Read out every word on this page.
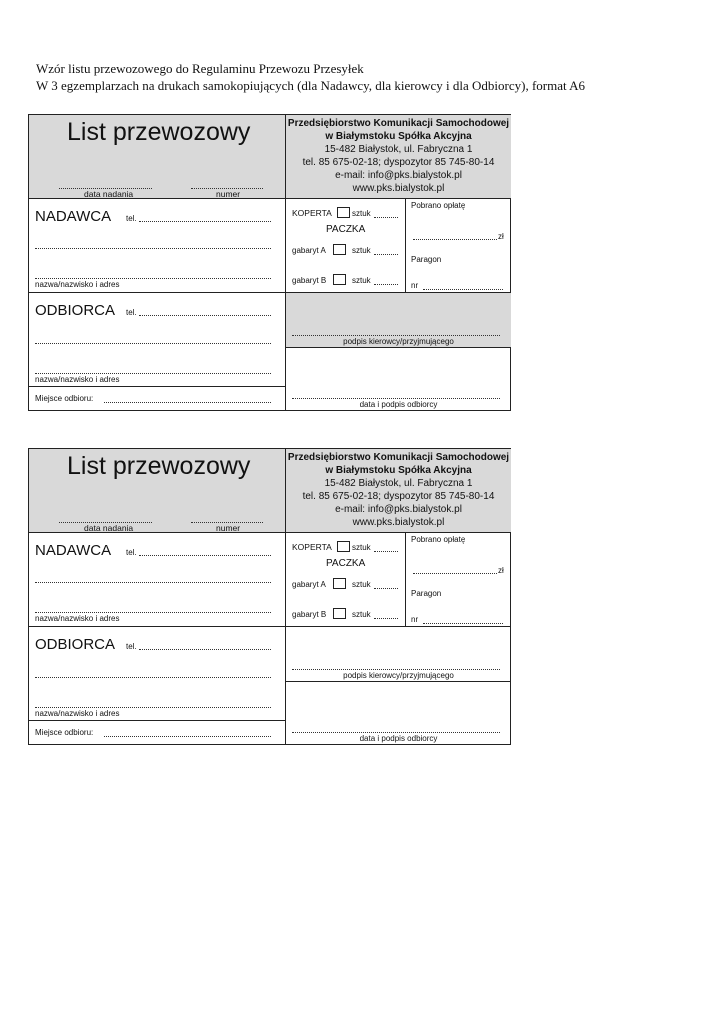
Wzór listu przewozowego do Regulaminu Przewozu Przesyłek
W 3 egzemplarzach na drukach samokopiujących (dla Nadawcy, dla kierowcy i dla Odbiorcy), format A6
List przewozowy
data nadania	numer
Przedsiębiorstwo Komunikacji Samochodowej
w Białymstoku Spółka Akcyjna
15-482 Białystok, ul. Fabryczna 1
tel. 85 675-02-18; dyspozytor 85 745-80-14
e-mail: info@pks.bialystok.pl
www.pks.bialystok.pl
NADAWCA tel.
nazwa/nazwisko i adres
KOPERTA	sztuk
PACZKA
gabaryt A	sztuk
gabaryt B	sztuk
Pobrano opłatę
zł
Paragon
nr
ODBIORCA tel.
nazwa/nazwisko i adres
Miejsce odbioru:
podpis kierowcy/przyjmującego
data i podpis odbiorcy
List przewozowy
data nadania	numer
Przedsiębiorstwo Komunikacji Samochodowej
w Białymstoku Spółka Akcyjna
15-482 Białystok, ul. Fabryczna 1
tel. 85 675-02-18; dyspozytor 85 745-80-14
e-mail: info@pks.bialystok.pl
www.pks.bialystok.pl
NADAWCA tel.
nazwa/nazwisko i adres
KOPERTA	sztuk
PACZKA
gabaryt A	sztuk
gabaryt B	sztuk
Pobrano opłatę
zł
Paragon
nr
ODBIORCA tel.
nazwa/nazwisko i adres
Miejsce odbioru:
podpis kierowcy/przyjmującego
data i podpis odbiorcy
